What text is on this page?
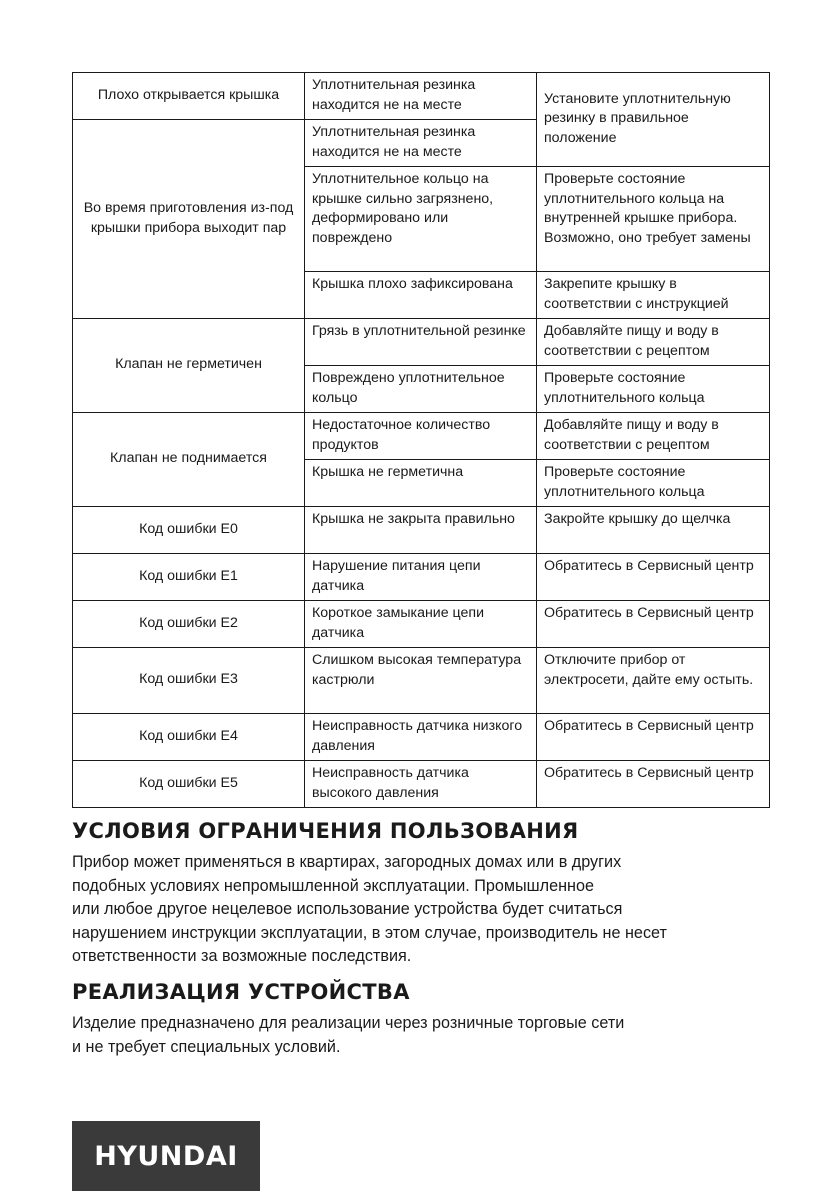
Плохо открывается крышка	Уплотнительная резинка находится не на месте	Установите уплотнительную резинку в правильное положение
Во время приготовления из-под крышки прибора выходит пар	Уплотнительная резинка находится не на месте	
	Уплотнительное кольцо на крышке сильно загрязнено, деформировано или повреждено	Проверьте состояние уплотнительного кольца на внутренней крышке прибора. Возможно, оно требует замены
	Крышка плохо зафиксирована	Закрепите крышку в соответствии с инструкцией
Клапан не герметичен	Грязь в уплотнительной резинке	Добавляйте пищу и воду в соответствии с рецептом
	Повреждено уплотнительное кольцо	Проверьте состояние уплотнительного кольца
Клапан не поднимается	Недостаточное количество продуктов	Добавляйте пищу и воду в соответствии с рецептом
	Крышка не герметична	Проверьте состояние уплотнительного кольца
Код ошибки E0	Крышка не закрыта правильно	Закройте крышку до щелчка
Код ошибки E1	Нарушение питания цепи датчика	Обратитесь в Сервисный центр
Код ошибки E2	Короткое замыкание цепи датчика	Обратитесь в Сервисный центр
Код ошибки E3	Слишком высокая температура кастрюли	Отключите прибор от электросети, дайте ему остыть.
Код ошибки E4	Неисправность датчика низкого давления	Обратитесь в Сервисный центр
Код ошибки E5	Неисправность датчика высокого давления	Обратитесь в Сервисный центр
УСЛОВИЯ ОГРАНИЧЕНИЯ ПОЛЬЗОВАНИЯ

Прибор может применяться в квартирах, загородных домах или в других
подобных условиях непромышленной эксплуатации. Промышленное
или любое другое нецелевое использование устройства будет считаться
нарушением инструкции эксплуатации, в этом случае, производитель не несет
ответственности за возможные последствия.

РЕАЛИЗАЦИЯ УСТРОЙСТВА

Изделие предназначено для реализации через розничные торговые сети
и не требует специальных условий.

HYUNDAI
